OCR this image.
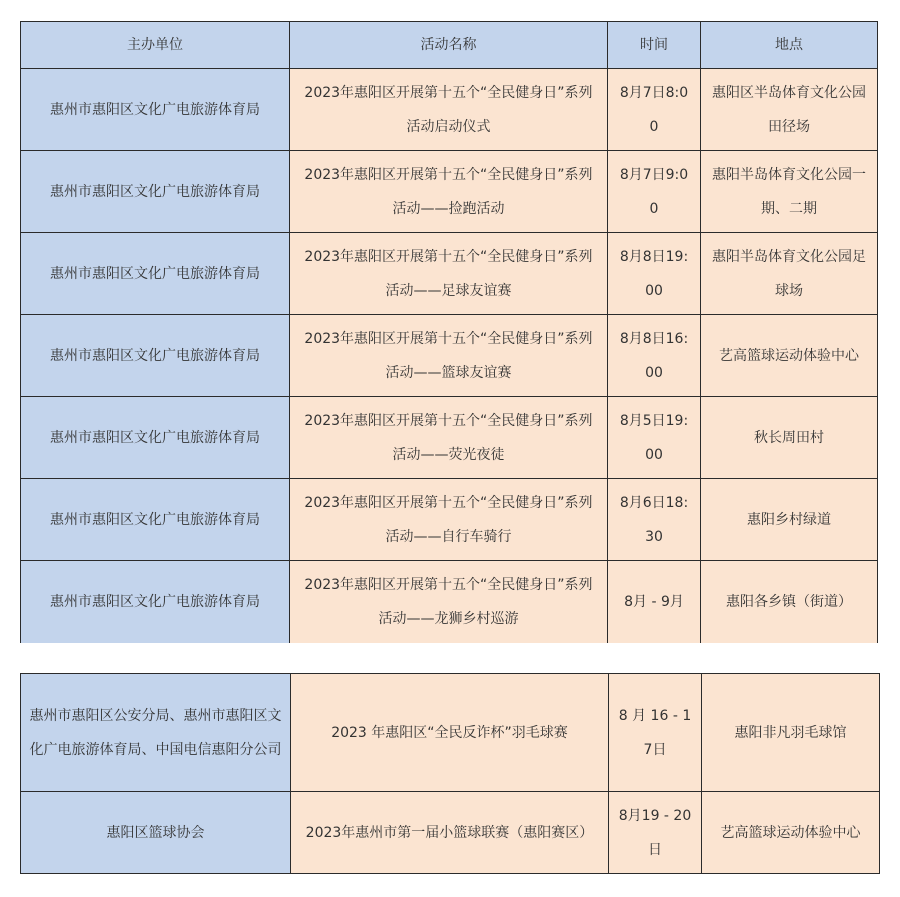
主办单位	活动名称	时间	地点
惠州市惠阳区文化广电旅游体育局	2023年惠阳区开展第十五个“全民健身日”系列活动启动仪式	8月7日8:00	惠阳区半岛体育文化公园田径场
惠州市惠阳区文化广电旅游体育局	2023年惠阳区开展第十五个“全民健身日”系列活动——捡跑活动	8月7日9:00	惠阳半岛体育文化公园一期、二期
惠州市惠阳区文化广电旅游体育局	2023年惠阳区开展第十五个“全民健身日”系列活动——足球友谊赛	8月8日19:00	惠阳半岛体育文化公园足球场
惠州市惠阳区文化广电旅游体育局	2023年惠阳区开展第十五个“全民健身日”系列活动——篮球友谊赛	8月8日16:00	艺高篮球运动体验中心
惠州市惠阳区文化广电旅游体育局	2023年惠阳区开展第十五个“全民健身日”系列活动——荧光夜徒	8月5日19:00	秋长周田村
惠州市惠阳区文化广电旅游体育局	2023年惠阳区开展第十五个“全民健身日”系列活动——自行车骑行	8月6日18:30	惠阳乡村绿道
惠州市惠阳区文化广电旅游体育局	2023年惠阳区开展第十五个“全民健身日”系列活动——龙狮乡村巡游	8月 - 9月	惠阳各乡镇（街道）
惠州市惠阳区公安分局、惠州市惠阳区文化广电旅游体育局、中国电信惠阳分公司	2023 年惠阳区“全民反诈杯”羽毛球赛	8 月 16 - 17日	惠阳非凡羽毛球馆
惠阳区篮球协会	2023年惠州市第一届小篮球联赛（惠阳赛区）	8月19 - 20日	艺高篮球运动体验中心
